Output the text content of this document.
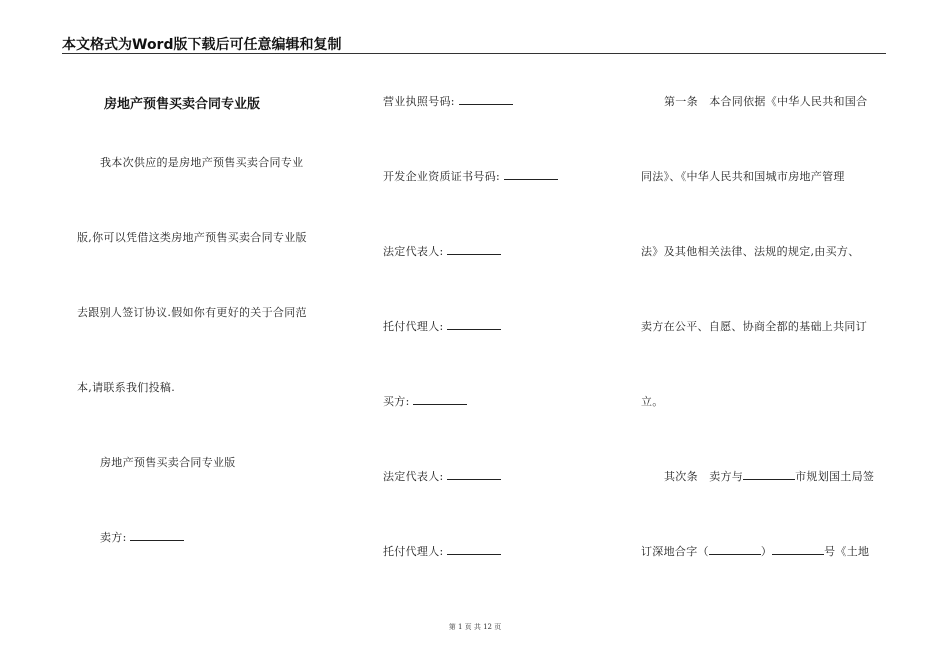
本文格式为Word版下载后可任意编辑和复制
房地产预售买卖合同专业版
我本次供应的是房地产预售买卖合同专业
版,你可以凭借这类房地产预售买卖合同专业版
去跟别人签订协议.假如你有更好的关于合同范
本,请联系我们投稿.
房地产预售买卖合同专业版
卖方:
营业执照号码:
开发企业资质证书号码:
法定代表人:
托付代理人:
买方:
法定代表人:
托付代理人:
第一条　本合同依据《中华人民共和国合
同法》、《中华人民共和国城市房地产管理
法》及其他相关法律、法规的规定,由买方、
卖方在公平、自愿、协商全都的基础上共同订
立。
其次条　卖方与	市规划国土局签
订深地合字（	）	号《土地
第 1 页 共 12 页
